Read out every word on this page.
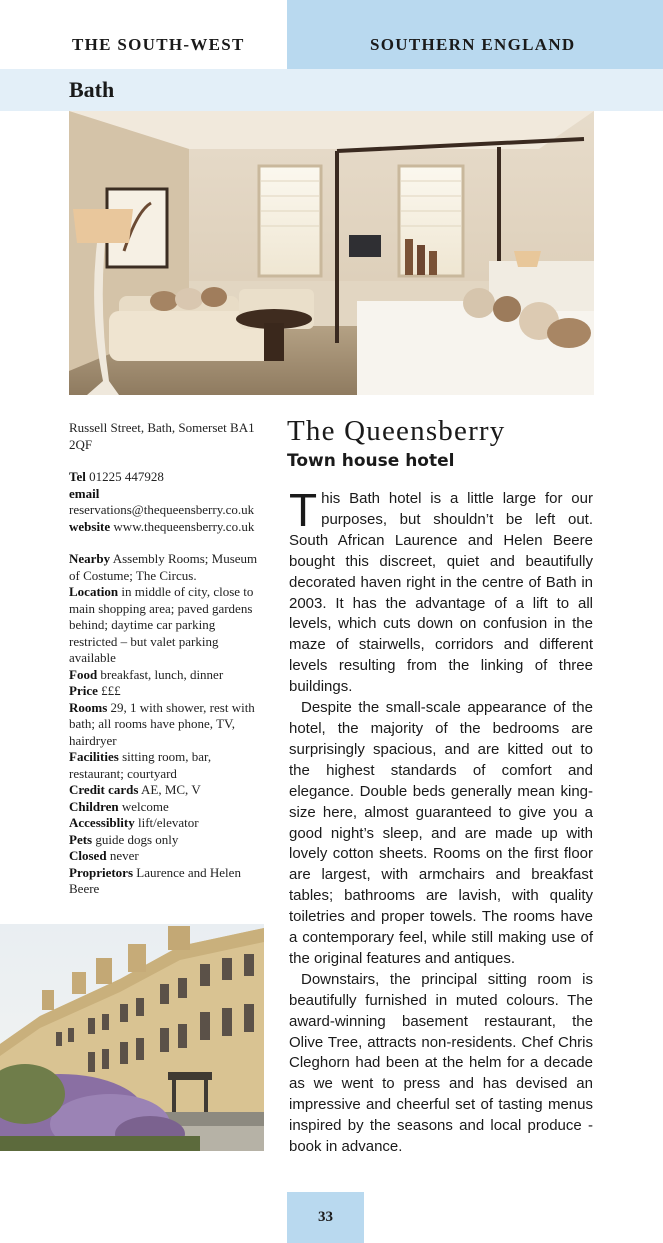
THE SOUTH-WEST	SOUTHERN ENGLAND
Bath
Russell Street, Bath, Somerset BA1 2QF
Tel 01225 447928
email
reservations@thequeensberry.co.uk
website www.thequeensberry.co.uk
Nearby Assembly Rooms; Museum of Costume; The Circus.
Location in middle of city, close to main shopping area; paved gardens behind; daytime car parking restricted – but valet parking available
Food breakfast, lunch, dinner
Price £££
Rooms 29, 1 with shower, rest with bath; all rooms have phone, TV, hairdryer
Facilities sitting room, bar, restaurant; courtyard
Credit cards AE, MC, V
Children welcome
Accessiblity lift/elevator
Pets guide dogs only
Closed never
Proprietors Laurence and Helen Beere
The Queensberry
Town house hotel

This Bath hotel is a little large for our purposes, but shouldn’t be left out. South African Laurence and Helen Beere bought this discreet, quiet and beautifully decorated haven right in the centre of Bath in 2003. It has the advantage of a lift to all levels, which cuts down on confusion in the maze of stairwells, corridors and different levels resulting from the linking of three buildings.

Despite the small-scale appearance of the hotel, the majority of the bedrooms are surprisingly spacious, and are kitted out to the highest standards of comfort and elegance. Double beds generally mean king-size here, almost guaranteed to give you a good night’s sleep, and are made up with lovely cotton sheets. Rooms on the first floor are largest, with armchairs and breakfast tables; bathrooms are lavish, with quality toiletries and proper towels. The rooms have a contemporary feel, while still making use of the original features and antiques.

Downstairs, the principal sitting room is beautifully furnished in muted colours. The award-winning basement restaurant, the Olive Tree, attracts non-residents. Chef Chris Cleghorn had been at the helm for a decade as we went to press and has devised an impressive and cheerful set of tasting menus inspired by the seasons and local produce - book in advance.

33
